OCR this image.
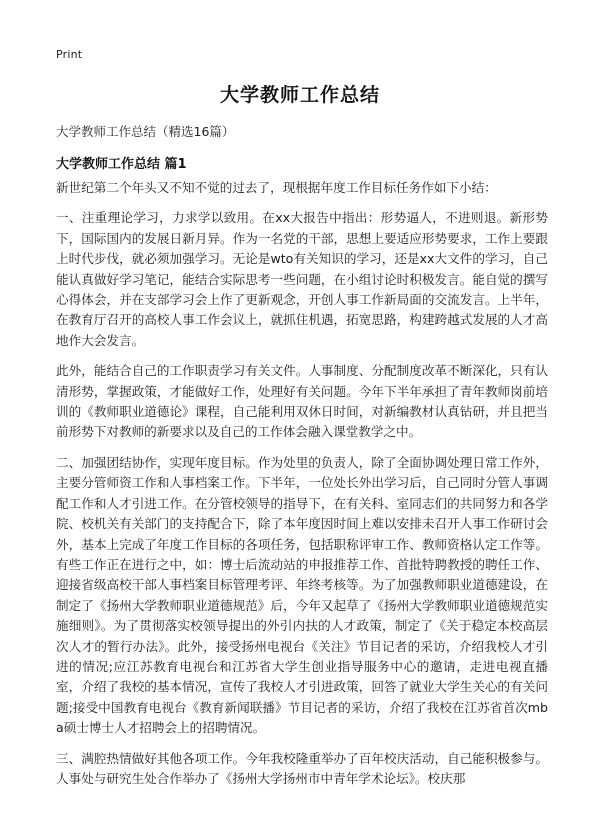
Print
大学教师工作总结
大学教师工作总结（精选16篇）
大学教师工作总结 篇1

新世纪第二个年头又不知不觉的过去了，现根据年度工作目标任务作如下小结：

一、注重理论学习，力求学以致用。在xx大报告中指出：形势逼人，不进则退。新形势下，国际国内的发展日新月异。作为一名党的干部，思想上要适应形势要求，工作上要跟上时代步伐，就必须加强学习。无论是wto有关知识的学习，还是xx大文件的学习，自己能认真做好学习笔记，能结合实际思考一些问题，在小组讨论时积极发言。能自觉的撰写心得体会，并在支部学习会上作了更新观念，开创人事工作新局面的交流发言。上半年，在教育厅召开的高校人事工作会议上，就抓住机遇，拓宽思路，构建跨越式发展的人才高地作大会发言。

此外，能结合自己的工作职责学习有关文件。人事制度、分配制度改革不断深化，只有认清形势，掌握政策，才能做好工作，处理好有关问题。今年下半年承担了青年教师岗前培训的《教师职业道德论》课程，自己能利用双休日时间，对新编教材认真钻研，并且把当前形势下对教师的新要求以及自己的工作体会融入课堂教学之中。

二、加强团结协作，实现年度目标。作为处里的负责人，除了全面协调处理日常工作外，主要分管师资工作和人事档案工作。下半年，一位处长外出学习后，自己同时分管人事调配工作和人才引进工作。在分管校领导的指导下，在有关科、室同志们的共同努力和各学院、校机关有关部门的支持配合下，除了本年度因时间上难以安排未召开人事工作研讨会外，基本上完成了年度工作目标的各项任务，包括职称评审工作、教师资格认定工作等。有些工作正在进行之中，如：博士后流动站的申报推荐工作、首批特聘教授的聘任工作、迎接省级高校干部人事档案目标管理考评、年终考核等。为了加强教师职业道德建设，在制定了《扬州大学教师职业道德规范》后，今年又起草了《扬州大学教师职业道德规范实施细则》。为了贯彻落实校领导提出的外引内扶的人才政策，制定了《关于稳定本校高层次人才的暂行办法》。此外，接受扬州电视台《关注》节目记者的采访，介绍我校人才引进的情况;应江苏教育电视台和江苏省大学生创业指导服务中心的邀请，走进电视直播室，介绍了我校的基本情况，宣传了我校人才引进政策，回答了就业大学生关心的有关问题;接受中国教育电视台《教育新闻联播》节目记者的采访，介绍了我校在江苏省首次mba硕士博士人才招聘会上的招聘情况。

三、满腔热情做好其他各项工作。今年我校隆重举办了百年校庆活动，自己能积极参与。人事处与研究生处合作举办了《扬州大学扬州市中青年学术论坛》。校庆那
